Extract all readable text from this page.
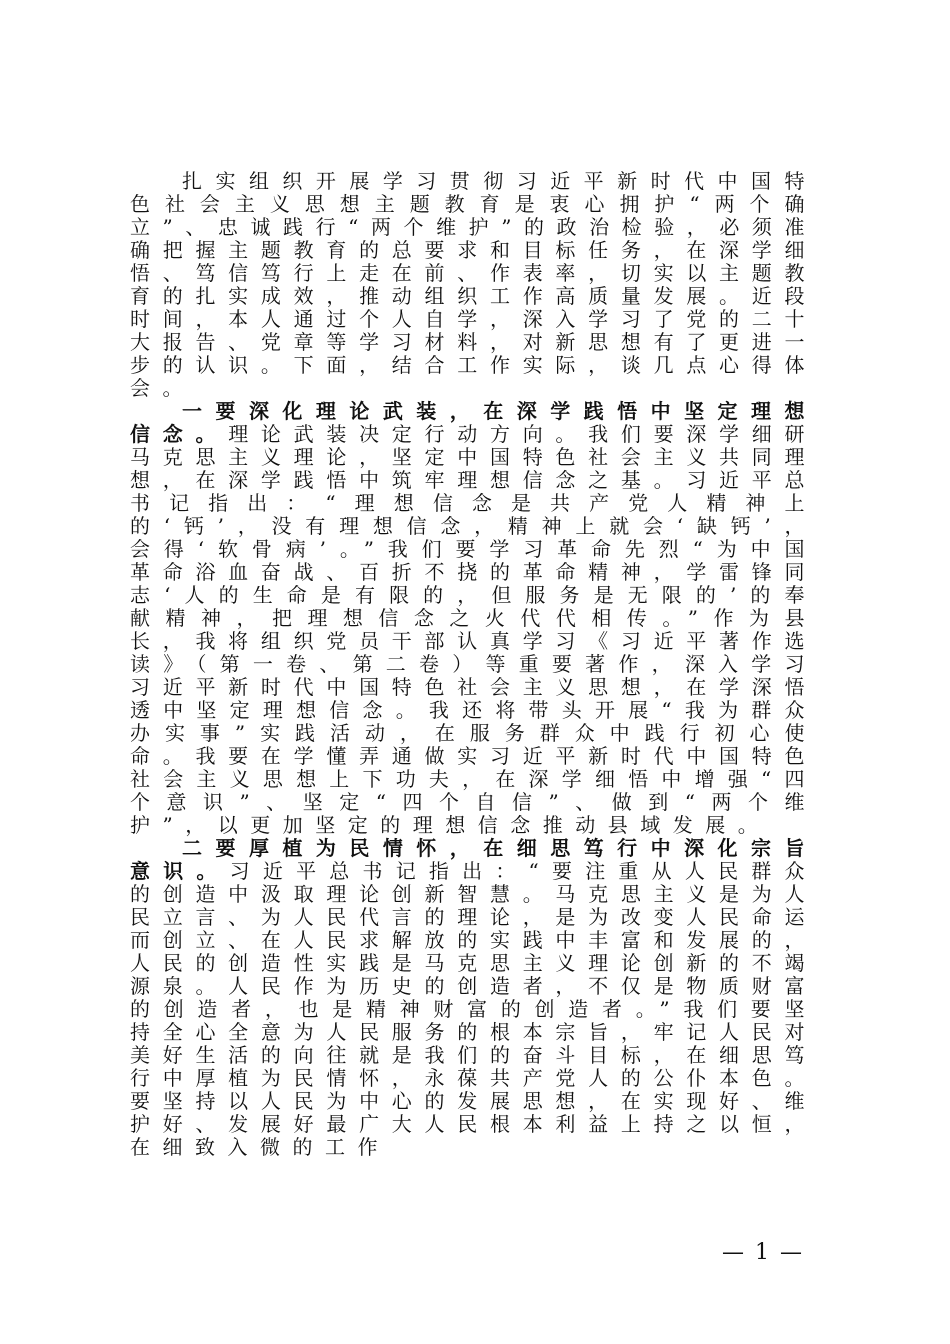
扎实组织开展学习贯彻习近平新时代中国特色社会主义思想主题教育是衷心拥护“两个确立”、忠诚践行“两个维护”的政治检验，必须准确把握主题教育的总要求和目标任务，在深学细悟、笃信笃行上走在前、作表率，切实以主题教育的扎实成效，推动组织工作高质量发展。近段时间，本人通过个人自学，深入学习了党的二十大报告、党章等学习材料，对新思想有了更进一步的认识。下面，结合工作实际，谈几点心得体会。

一要深化理论武装，在深学践悟中坚定理想信念。理论武装决定行动方向。我们要深学细研马克思主义理论，坚定中国特色社会主义共同理想，在深学践悟中筑牢理想信念之基。习近平总书记指出：“理想信念是共产党人精神上的‘钙’，没有理想信念，精神上就会‘缺钙’，会得‘软骨病’。”我们要学习革命先烈“为中国革命浴血奋战、百折不挠的革命精神，学雷锋同志‘人的生命是有限的，但服务是无限的’的奉献精神，把理想信念之火代代相传。”作为县长，我将组织党员干部认真学习《习近平著作选读》（第一卷、第二卷）等重要著作，深入学习习近平新时代中国特色社会主义思想，在学深悟透中坚定理想信念。我还将带头开展“我为群众办实事”实践活动，在服务群众中践行初心使命。我要在学懂弄通做实习近平新时代中国特色社会主义思想上下功夫，在深学细悟中增强“四个意识”、坚定“四个自信”、做到“两个维护”，以更加坚定的理想信念推动县域发展。

二要厚植为民情怀，在细思笃行中深化宗旨意识。习近平总书记指出：“要注重从人民群众的创造中汲取理论创新智慧。马克思主义是为人民立言、为人民代言的理论，是为改变人民命运而创立、在人民求解放的实践中丰富和发展的，人民的创造性实践是马克思主义理论创新的不竭源泉。人民作为历史的创造者，不仅是物质财富的创造者，也是精神财富的创造者。”我们要坚持全心全意为人民服务的根本宗旨，牢记人民对美好生活的向往就是我们的奋斗目标，在细思笃行中厚植为民情怀，永葆共产党人的公仆本色。要坚持以人民为中心的发展思想，在实现好、维护好、发展好最广大人民根本利益上持之以恒，在细致入微的工作

— 1 —
